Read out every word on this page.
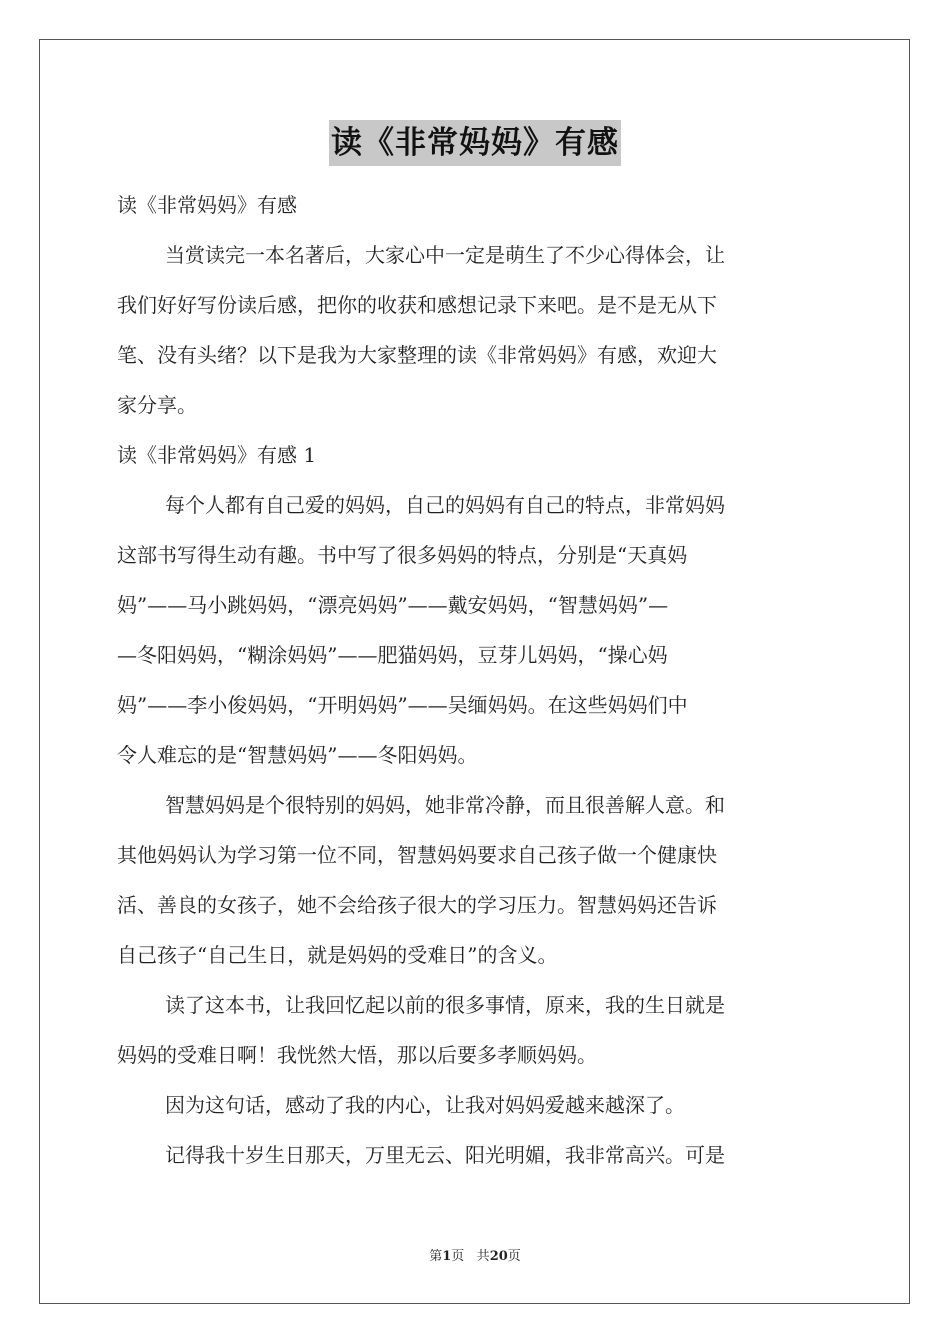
读《非常妈妈》有感

读《非常妈妈》有感

当赏读完一本名著后，大家心中一定是萌生了不少心得体会，让

我们好好写份读后感，把你的收获和感想记录下来吧。是不是无从下

笔、没有头绪？以下是我为大家整理的读《非常妈妈》有感，欢迎大

家分享。

读《非常妈妈》有感 1

每个人都有自己爱的妈妈，自己的妈妈有自己的特点，非常妈妈

这部书写得生动有趣。书中写了很多妈妈的特点，分别是“天真妈

妈”——马小跳妈妈，“漂亮妈妈”——戴安妈妈，“智慧妈妈”—

—冬阳妈妈，“糊涂妈妈”——肥猫妈妈，豆芽儿妈妈，“操心妈

妈”——李小俊妈妈，“开明妈妈”——吴缅妈妈。在这些妈妈们中

令人难忘的是“智慧妈妈”——冬阳妈妈。

智慧妈妈是个很特别的妈妈，她非常冷静，而且很善解人意。和

其他妈妈认为学习第一位不同，智慧妈妈要求自己孩子做一个健康快

活、善良的女孩子，她不会给孩子很大的学习压力。智慧妈妈还告诉

自己孩子“自己生日，就是妈妈的受难日”的含义。

读了这本书，让我回忆起以前的很多事情，原来，我的生日就是

妈妈的受难日啊！我恍然大悟，那以后要多孝顺妈妈。

因为这句话，感动了我的内心，让我对妈妈爱越来越深了。

记得我十岁生日那天，万里无云、阳光明媚，我非常高兴。可是

第1页 共20页
